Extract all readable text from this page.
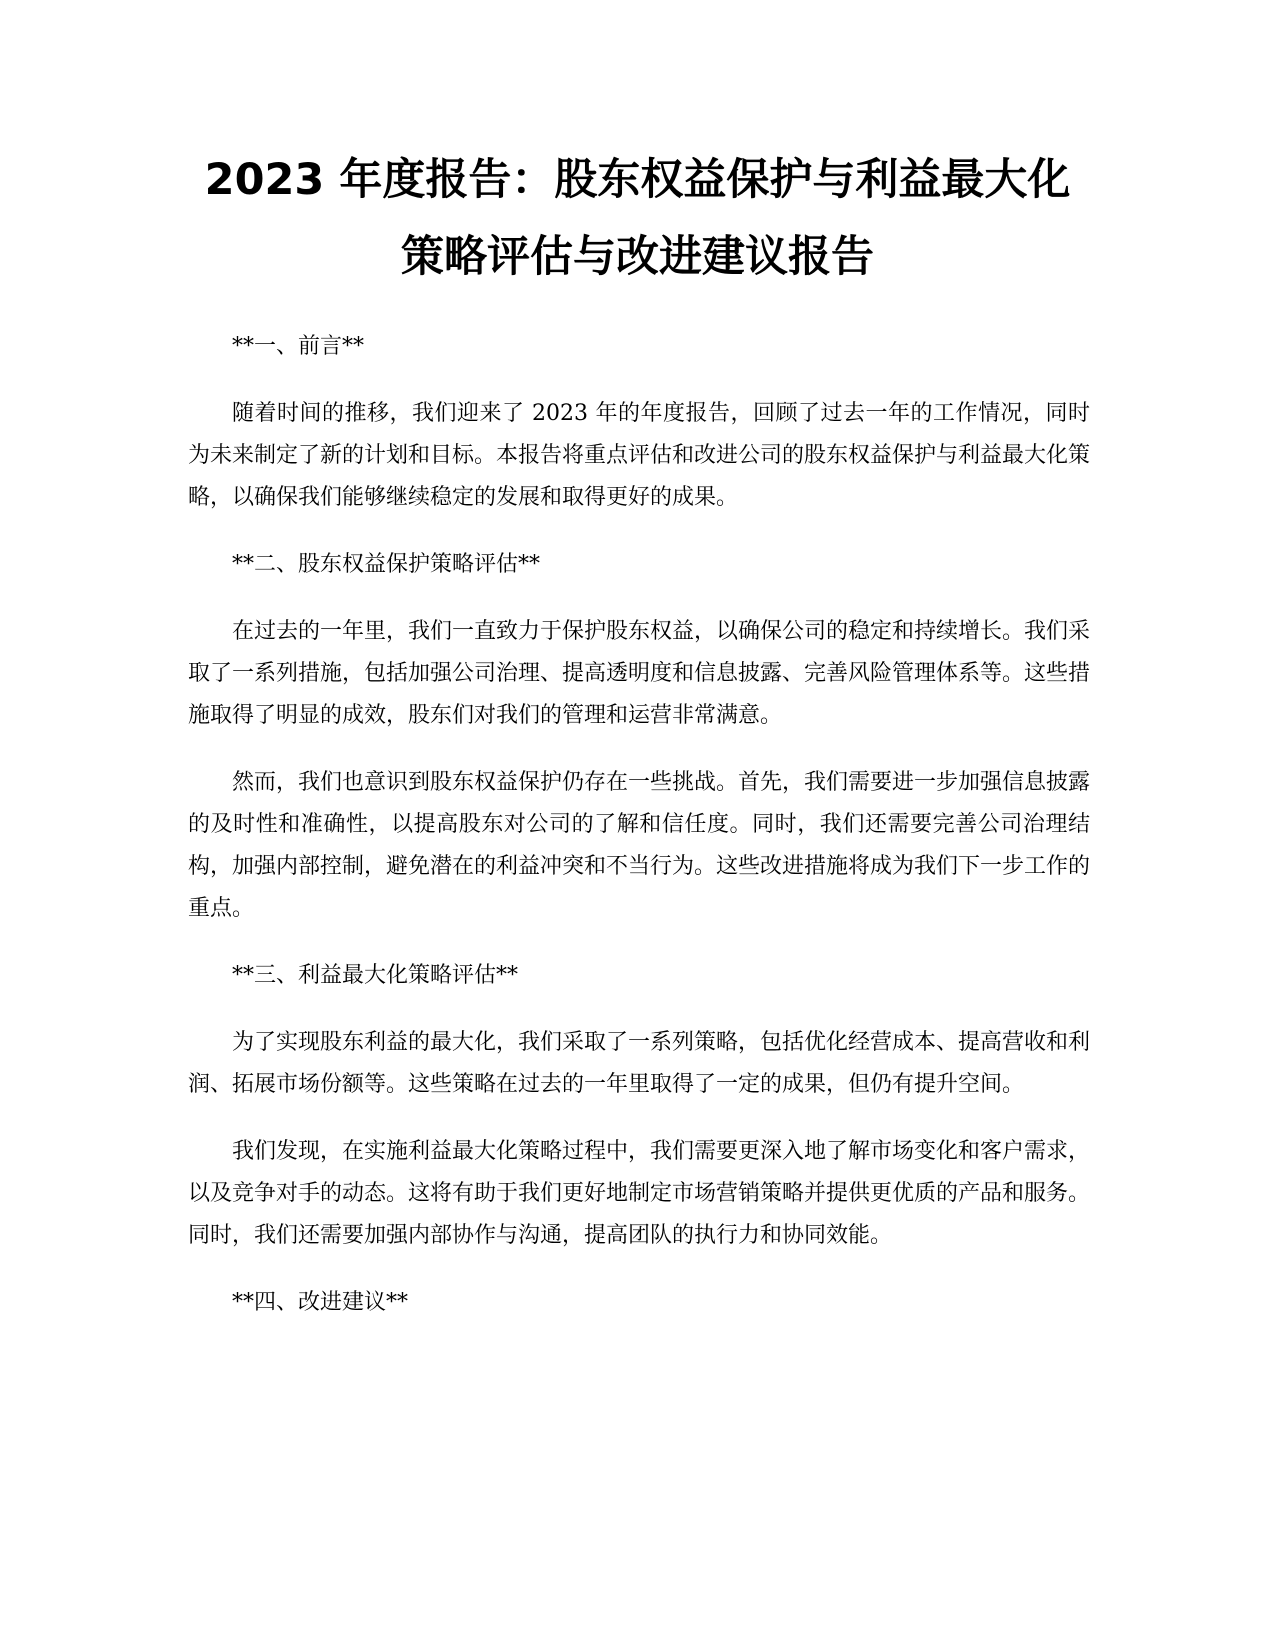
2023 年度报告：股东权益保护与利益最大化
策略评估与改进建议报告

**一、前言**

随着时间的推移，我们迎来了 2023 年的年度报告，回顾了过去一年的工作情况，同时为未来制定了新的计划和目标。本报告将重点评估和改进公司的股东权益保护与利益最大化策略，以确保我们能够继续稳定的发展和取得更好的成果。

**二、股东权益保护策略评估**

在过去的一年里，我们一直致力于保护股东权益，以确保公司的稳定和持续增长。我们采取了一系列措施，包括加强公司治理、提高透明度和信息披露、完善风险管理体系等。这些措施取得了明显的成效，股东们对我们的管理和运营非常满意。

然而，我们也意识到股东权益保护仍存在一些挑战。首先，我们需要进一步加强信息披露的及时性和准确性，以提高股东对公司的了解和信任度。同时，我们还需要完善公司治理结构，加强内部控制，避免潜在的利益冲突和不当行为。这些改进措施将成为我们下一步工作的重点。

**三、利益最大化策略评估**

为了实现股东利益的最大化，我们采取了一系列策略，包括优化经营成本、提高营收和利润、拓展市场份额等。这些策略在过去的一年里取得了一定的成果，但仍有提升空间。

我们发现，在实施利益最大化策略过程中，我们需要更深入地了解市场变化和客户需求，以及竞争对手的动态。这将有助于我们更好地制定市场营销策略并提供更优质的产品和服务。同时，我们还需要加强内部协作与沟通，提高团队的执行力和协同效能。

**四、改进建议**
